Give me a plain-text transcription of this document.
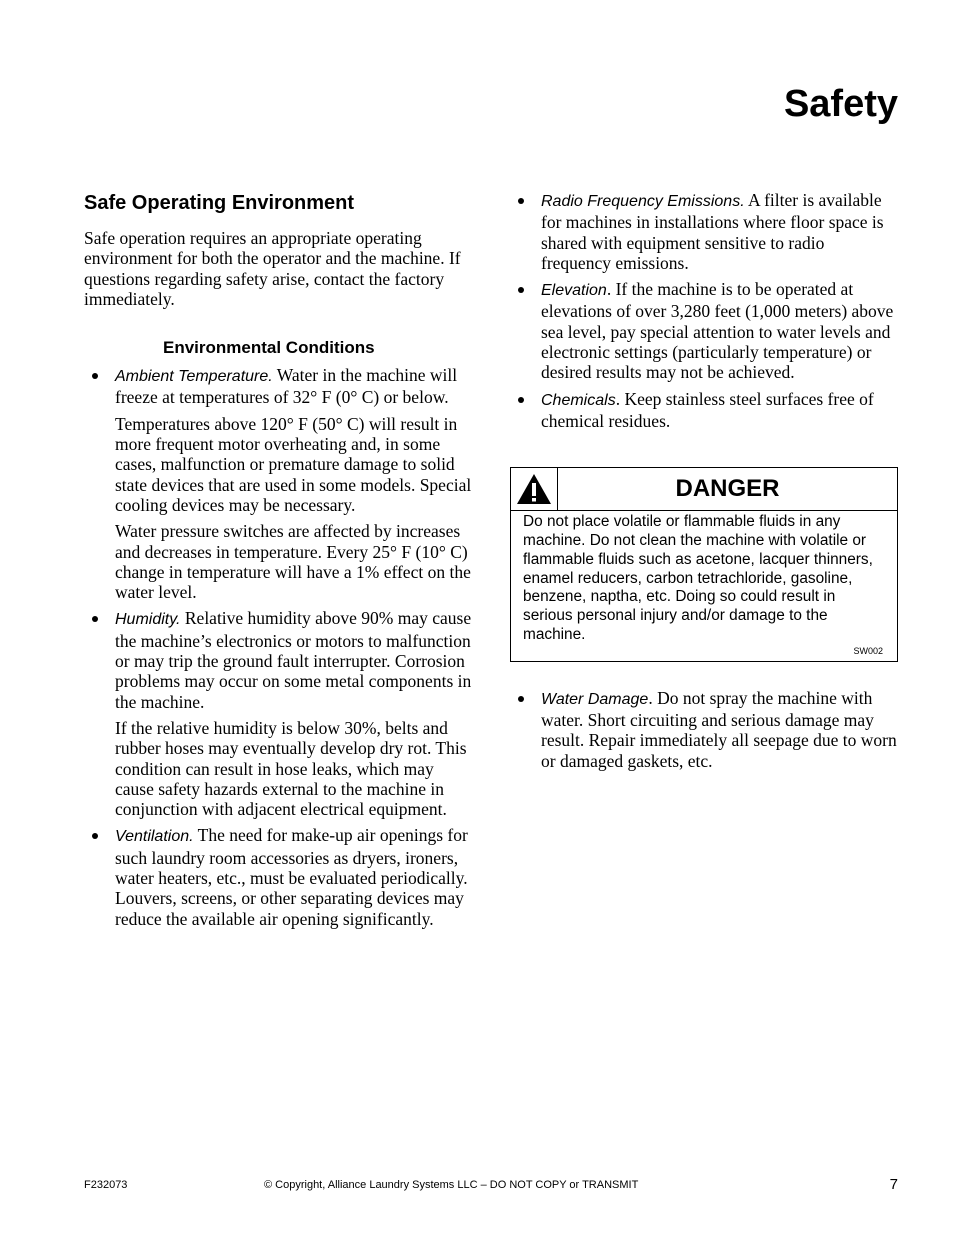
Safety
Safe Operating Environment

Safe operation requires an appropriate operating environment for both the operator and the machine. If questions regarding safety arise, contact the factory immediately.

Environmental Conditions

Ambient Temperature. Water in the machine will freeze at temperatures of 32° F (0° C) or below.

Temperatures above 120° F (50° C) will result in more frequent motor overheating and, in some cases, malfunction or premature damage to solid state devices that are used in some models. Special cooling devices may be necessary.

Water pressure switches are affected by increases and decreases in temperature. Every 25° F (10° C) change in temperature will have a 1% effect on the water level.

Humidity. Relative humidity above 90% may cause the machine’s electronics or motors to malfunction or may trip the ground fault interrupter. Corrosion problems may occur on some metal components in the machine.

If the relative humidity is below 30%, belts and rubber hoses may eventually develop dry rot. This condition can result in hose leaks, which may cause safety hazards external to the machine in conjunction with adjacent electrical equipment.

Ventilation. The need for make-up air openings for such laundry room accessories as dryers, ironers, water heaters, etc., must be evaluated periodically. Louvers, screens, or other separating devices may reduce the available air opening significantly.

Radio Frequency Emissions. A filter is available for machines in installations where floor space is shared with equipment sensitive to radio frequency emissions.

Elevation. If the machine is to be operated at elevations of over 3,280 feet (1,000 meters) above sea level, pay special attention to water levels and electronic settings (particularly temperature) or desired results may not be achieved.

Chemicals. Keep stainless steel surfaces free of chemical residues.

DANGER
Do not place volatile or flammable fluids in any machine. Do not clean the machine with volatile or flammable fluids such as acetone, lacquer thinners, enamel reducers, carbon tetrachloride, gasoline, benzene, naptha, etc. Doing so could result in serious personal injury and/or damage to the machine.
SW002

Water Damage. Do not spray the machine with water. Short circuiting and serious damage may result. Repair immediately all seepage due to worn or damaged gaskets, etc.

F232073	© Copyright, Alliance Laundry Systems LLC – DO NOT COPY or TRANSMIT	7
